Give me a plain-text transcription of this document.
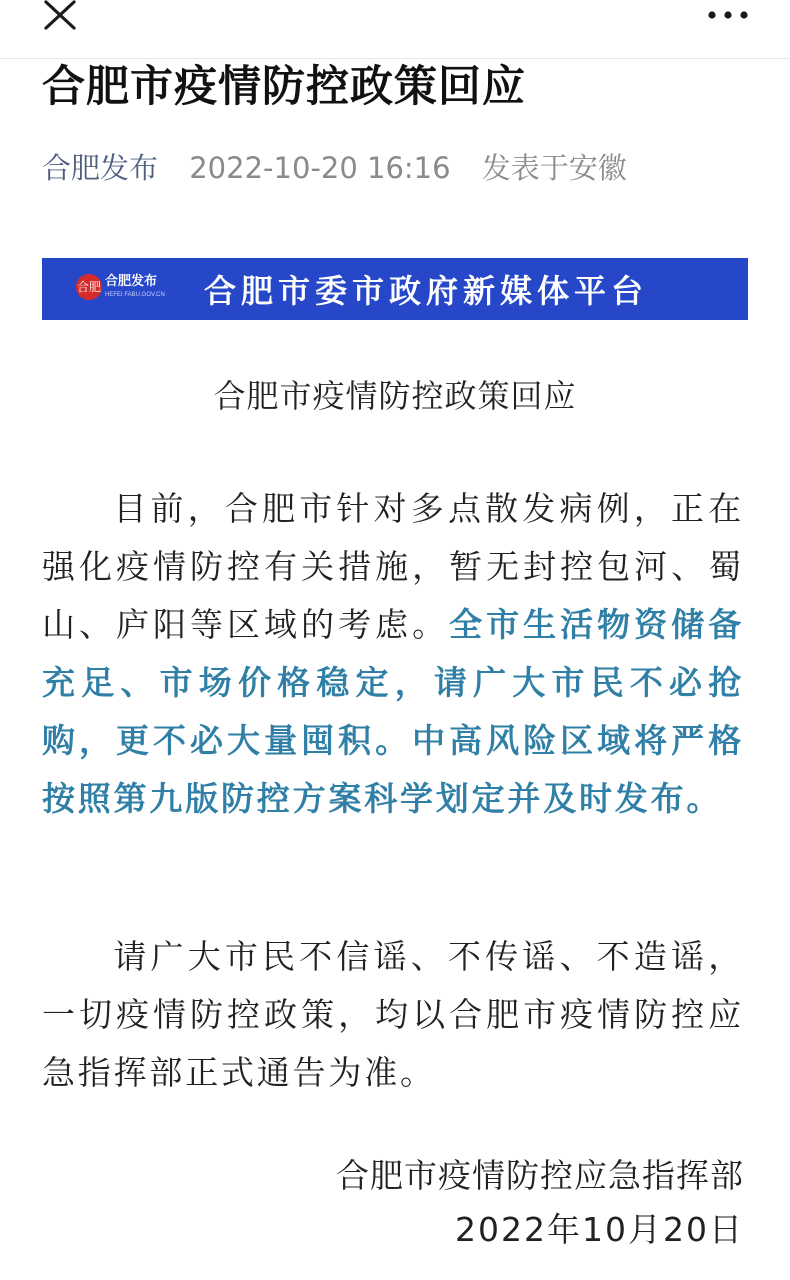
合肥市疫情防控政策回应
合肥发布 2022-10-20 16:16 发表于安徽
合肥 合肥发布
HEFEI FABU.GOV.CN 合肥市委市政府新媒体平台
合肥市疫情防控政策回应
目前，合肥市针对多点散发病例，正在强化疫情防控有关措施，暂无封控包河、蜀山、庐阳等区域的考虑。全市生活物资储备充足、市场价格稳定，请广大市民不必抢购，更不必大量囤积。中高风险区域将严格按照第九版防控方案科学划定并及时发布。
请广大市民不信谣、不传谣、不造谣，一切疫情防控政策，均以合肥市疫情防控应急指挥部正式通告为准。
合肥市疫情防控应急指挥部
2022年10月20日
